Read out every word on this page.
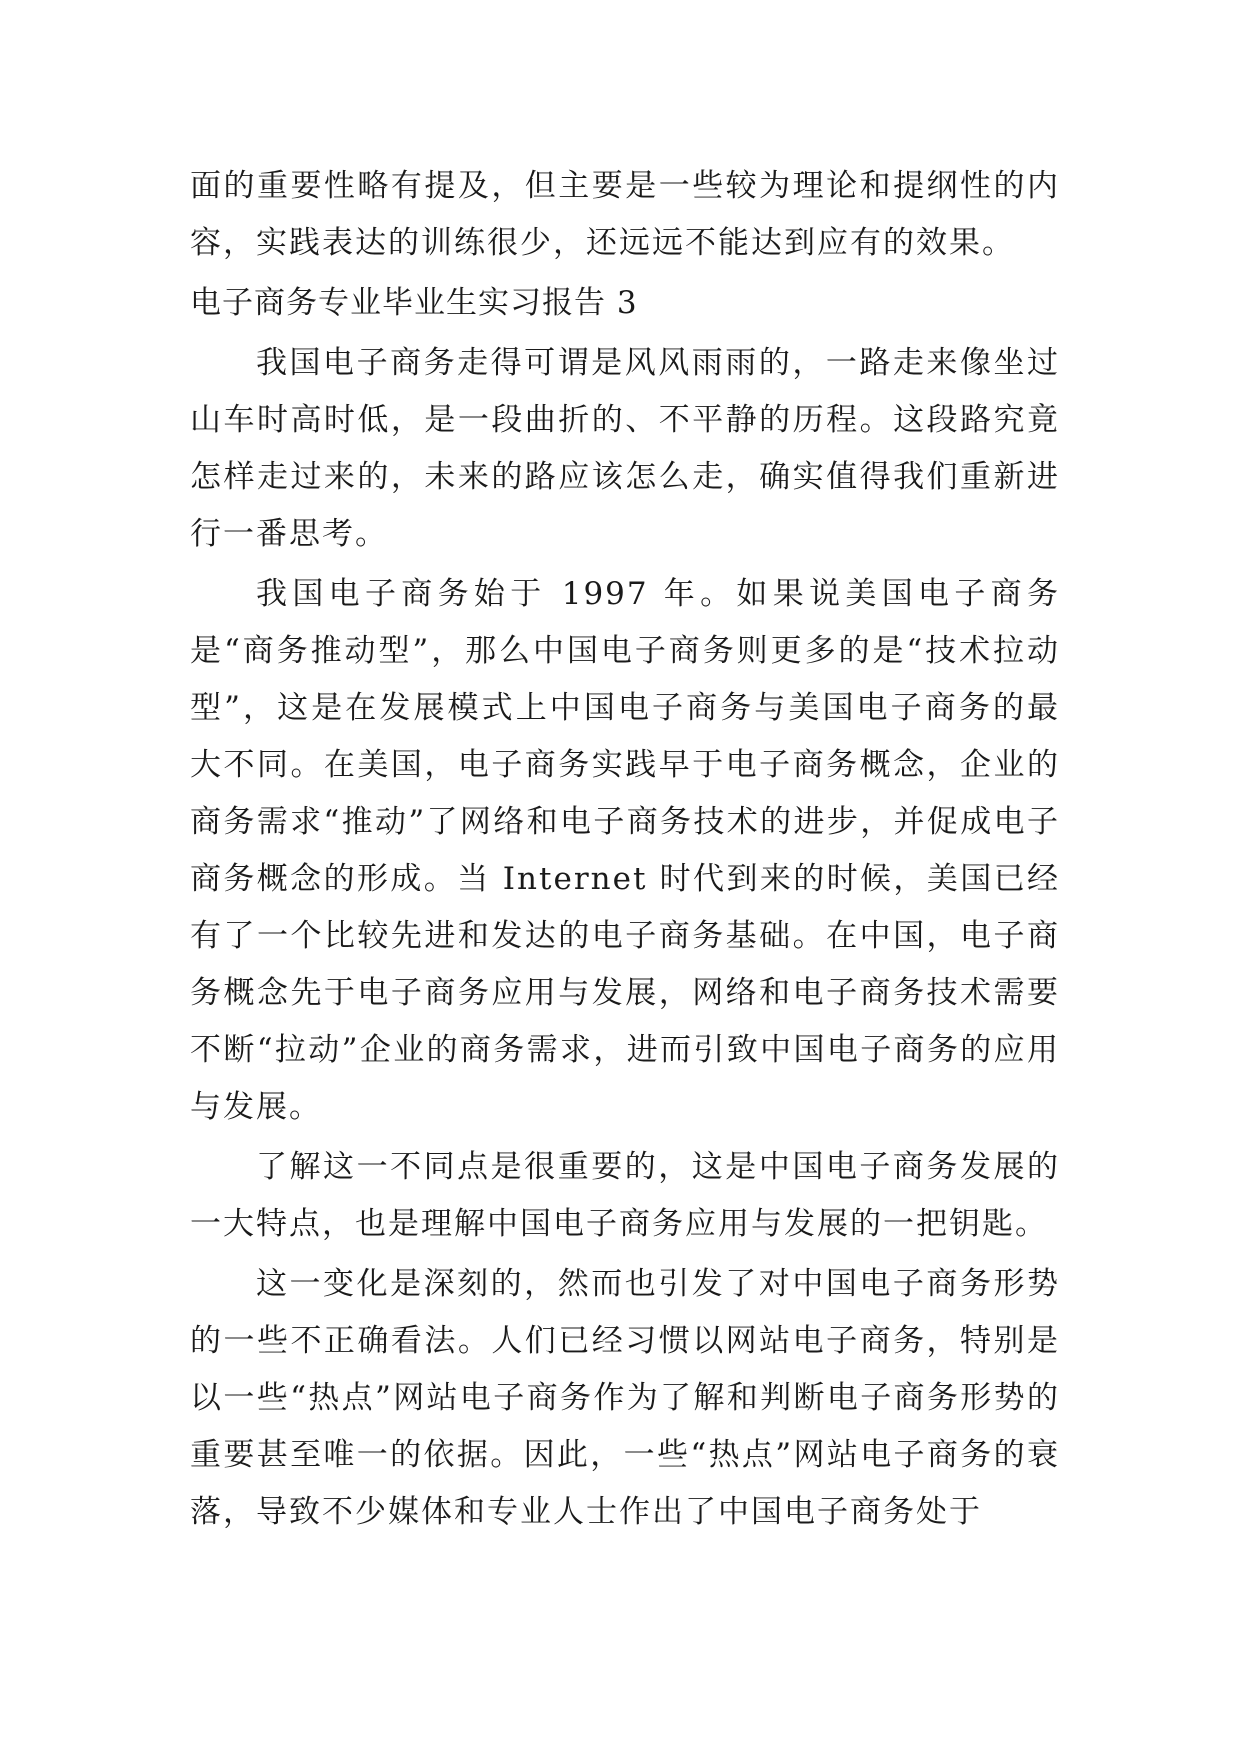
面的重要性略有提及，但主要是一些较为理论和提纲性的内容，实践表达的训练很少，还远远不能达到应有的效果。

电子商务专业毕业生实习报告 3

我国电子商务走得可谓是风风雨雨的，一路走来像坐过山车时高时低，是一段曲折的、不平静的历程。这段路究竟怎样走过来的，未来的路应该怎么走，确实值得我们重新进行一番思考。

我国电子商务始于 1997 年。如果说美国电子商务是“商务推动型”，那么中国电子商务则更多的是“技术拉动型”，这是在发展模式上中国电子商务与美国电子商务的最大不同。在美国，电子商务实践早于电子商务概念，企业的商务需求“推动”了网络和电子商务技术的进步，并促成电子商务概念的形成。当 Internet 时代到来的时候，美国已经有了一个比较先进和发达的电子商务基础。在中国，电子商务概念先于电子商务应用与发展，网络和电子商务技术需要不断“拉动”企业的商务需求，进而引致中国电子商务的应用与发展。

了解这一不同点是很重要的，这是中国电子商务发展的一大特点，也是理解中国电子商务应用与发展的一把钥匙。

这一变化是深刻的，然而也引发了对中国电子商务形势的一些不正确看法。人们已经习惯以网站电子商务，特别是以一些“热点”网站电子商务作为了解和判断电子商务形势的重要甚至唯一的依据。因此，一些“热点”网站电子商务的衰落，导致不少媒体和专业人士作出了中国电子商务处于
